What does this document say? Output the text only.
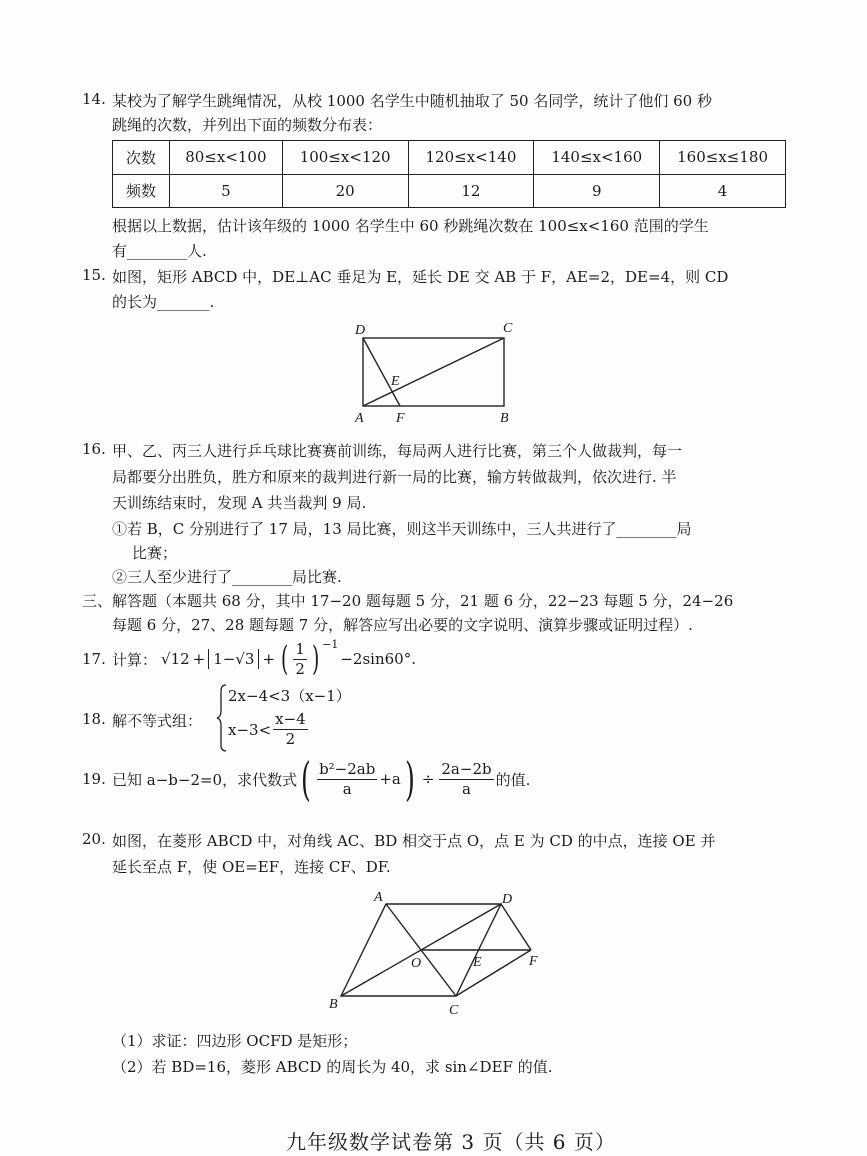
14. 某校为了解学生跳绳情况，从校 1000 名学生中随机抽取了 50 名同学，统计了他们 60 秒
跳绳的次数，并列出下面的频数分布表：
次数	80≤x<100	100≤x<120	120≤x<140	140≤x<160	160≤x≤180
频数	5	20	12	9	4
根据以上数据，估计该年级的 1000 名学生中 60 秒跳绳次数在 100≤x<160 范围的学生
有________人.
15. 如图，矩形 ABCD 中，DE⊥AC 垂足为 E，延长 DE 交 AB 于 F，AE=2，DE=4，则 CD
的长为_______.
D	C
E
A F	B
16. 甲、乙、丙三人进行乒乓球比赛赛前训练，每局两人进行比赛，第三个人做裁判，每一
局都要分出胜负，胜方和原来的裁判进行新一局的比赛，输方转做裁判，依次进行. 半
天训练结束时，发现 A 共当裁判 9 局.
①若 B，C 分别进行了 17 局，13 局比赛，则这半天训练中，三人共进行了________局
比赛；
②三人至少进行了________局比赛.
三、解答题（本题共 68 分，其中 17−20 题每题 5 分，21 题 6 分，22−23 每题 5 分，24−26
每题 6 分，27、28 题每题 7 分，解答应写出必要的文字说明、演算步骤或证明过程）.
17. 计算： √12 + 1−√3 + ( $\frac{1}{2}$ ) $^{-1}$
−2sin60°.
18. 解不等式组：
2x−4<3（x−1）
$x-3< \frac{x-4}{2}$
19. 已知 a−b−2=0，求代数式 ( $\frac{\text{b²−2ab}}{a} +a$ ) ÷ $\frac{2a-2b}{a}$ 的值.
20. 如图，在菱形 ABCD 中，对角线 AC、BD 相交于点 O，点 E 为 CD 的中点，连接 OE 并
延长至点 F，使 OE=EF，连接 CF、DF.
A	D
O	E	F
B	C
（1）求证：四边形 OCFD 是矩形；
（2）若 BD=16，菱形 ABCD 的周长为 40，求 sin∠DEF 的值.
九年级数学试卷第 3 页（共 6 页）
